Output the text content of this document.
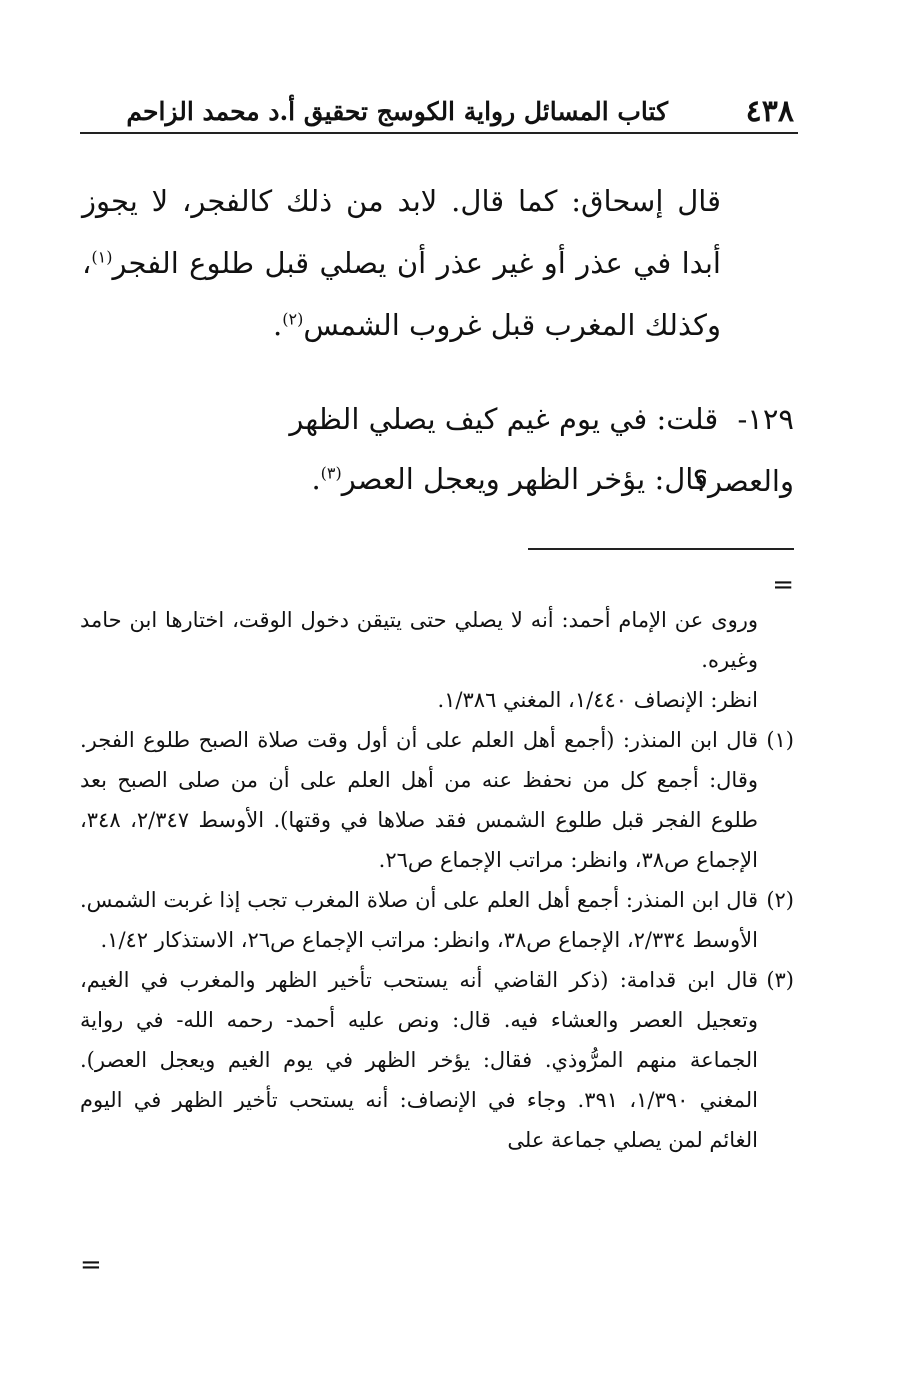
٤٣٨
كتاب المسائل رواية الكوسج تحقيق أ.د محمد الزاحم
قال إسحاق: كما قال. لابد من ذلك كالفجر، لا يجوز أبدا في عذر أو غير عذر أن يصلي قبل طلوع الفجر$^{(١)}$، وكذلك المغرب قبل غروب الشمس$^{(٢)}$.
١٢٩- قلت: في يوم غيم كيف يصلي الظهر والعصر؟
قال: يؤخر الظهر ويعجل العصر$^{(٣)}$.
=

وروى عن الإمام أحمد: أنه لا يصلي حتى يتيقن دخول الوقت، اختارها ابن حامد وغيره.

انظر: الإنصاف ١/٤٤٠، المغني ١/٣٨٦.

(١)
قال ابن المنذر: (أجمع أهل العلم على أن أول وقت صلاة الصبح طلوع الفجر. وقال: أجمع كل من نحفظ عنه من أهل العلم على أن من صلى الصبح بعد طلوع الفجر قبل طلوع الشمس فقد صلاها في وقتها). الأوسط ٢/٣٤٧، ٣٤٨، الإجماع ص٣٨، وانظر: مراتب الإجماع ص٢٦.

(٢)
قال ابن المنذر: أجمع أهل العلم على أن صلاة المغرب تجب إذا غربت الشمس. الأوسط ٢/٣٣٤، الإجماع ص٣٨، وانظر: مراتب الإجماع ص٢٦، الاستذكار ١/٤٢.

(٣)
قال ابن قدامة: (ذكر القاضي أنه يستحب تأخير الظهر والمغرب في الغيم، وتعجيل العصر والعشاء فيه. قال: ونص عليه أحمد- رحمه الله- في رواية الجماعة منهم المرُّوذي. فقال: يؤخر الظهر في يوم الغيم ويعجل العصر). المغني ١/٣٩٠، ٣٩١. وجاء في الإنصاف: أنه يستحب تأخير الظهر في اليوم الغائم لمن يصلي جماعة على

=
